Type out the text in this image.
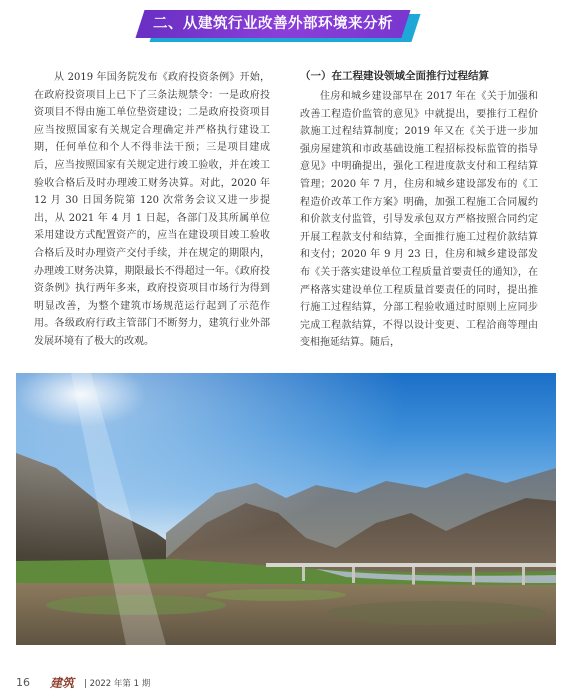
二、从建筑行业改善外部环境来分析

从 2019 年国务院发布《政府投资条例》开始，在政府投资项目上已下了三条法规禁令：一是政府投资项目不得由施工单位垫资建设；二是政府投资项目应当按照国家有关规定合理确定并严格执行建设工期，任何单位和个人不得非法干预；三是项目建成后，应当按照国家有关规定进行竣工验收，并在竣工验收合格后及时办理竣工财务决算。对此，2020 年 12 月 30 日国务院第 120 次常务会议又进一步提出，从 2021 年 4 月 1 日起，各部门及其所属单位采用建设方式配置资产的，应当在建设项目竣工验收合格后及时办理资产交付手续，并在规定的期限内，办理竣工财务决算，期限最长不得超过一年。《政府投资条例》执行两年多来，政府投资项目市场行为得到明显改善，为整个建筑市场规范运行起到了示范作用。各级政府行政主管部门不断努力，建筑行业外部发展环境有了极大的改观。

（一）在工程建设领域全面推行过程结算

住房和城乡建设部早在 2017 年在《关于加强和改善工程造价监管的意见》中就提出，要推行工程价款施工过程结算制度；2019 年又在《关于进一步加强房屋建筑和市政基础设施工程招标投标监管的指导意见》中明确提出，强化工程进度款支付和工程结算管理；2020 年 7 月，住房和城乡建设部发布的《工程造价改革工作方案》明确，加强工程施工合同履约和价款支付监管，引导发承包双方严格按照合同约定开展工程款支付和结算，全面推行施工过程价款结算和支付；2020 年 9 月 23 日，住房和城乡建设部发布《关于落实建设单位工程质量首要责任的通知》，在严格落实建设单位工程质量首要责任的同时，提出推行施工过程结算，分部工程验收通过时原则上应同步完成工程款结算，不得以设计变更、工程洽商等理由变相拖延结算。随后，

16 建筑 | 2022 年第 1 期
